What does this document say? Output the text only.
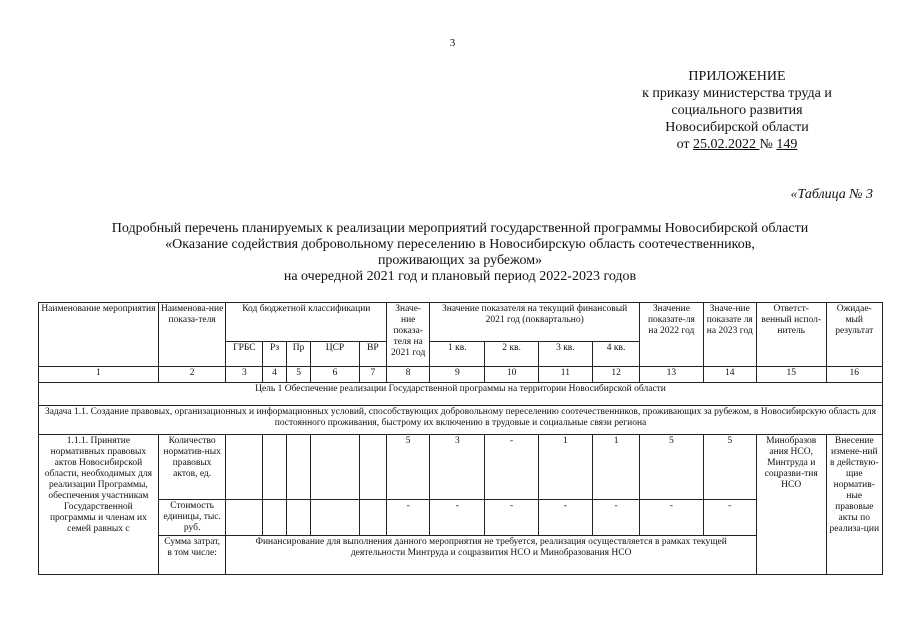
3
ПРИЛОЖЕНИЕ
к приказу министерства труда и
социального развития
Новосибирской области
от 25.02.2022 № 149
«Таблица № 3
Подробный перечень планируемых к реализации мероприятий государственной программы Новосибирской области
«Оказание содействия добровольному переселению в Новосибирскую область соотечественников,
проживающих за рубежом»
на очередной 2021 год и плановый период 2022-2023 годов
Наименование мероприятия	Наименова-ние показа-теля	Код бюджетной классификации					Значе-ние показа-теля на 2021 год	Значение показателя на текущий финансовый 2021 год (поквартально)				Значение показате-ля на 2022 год	Значе-ние показате ля на 2023 год	Ответст-венный испол-нитель	Ожидае-мый результат
		ГРБС	Рз	Пр	ЦСР	ВР		1 кв.	2 кв.	3 кв.	4 кв.				
1	2	3	4	5	6	7	8	9	10	11	12	13	14	15	16
Цель 1 Обеспечение реализации Государственной программы на территории Новосибирской области															
Задача 1.1. Создание правовых, организационных и информационных условий, способствующих добровольному переселению соотечественников, проживающих за рубежом, в Новосибирскую область для постоянного проживания, быстрому их включению в трудовые и социальные связи региона															
1.1.1. Принятие нормативных правовых актов Новосибирской области, необходимых для реализации Программы, обеспечения участникам Государственной программы и членам их семей равных с	Количество норматив-ных правовых актов, ед.						5	3	-	1	1	5	5	Минобразов ания НСО, Минтруда и соцразви-тия НСО	Внесение измене-ний в действую-щие норматив-ные правовые акты по реализа-ции
	Стоимость единицы, тыс. руб.						-	-	-	-	-	-	-		
	Сумма затрат, в том числе:	Финансирование для выполнения данного мероприятия не требуется, реализация осуществляется в рамках текущей деятельности Минтруда и соцразвития НСО и Минобразования НСО													
